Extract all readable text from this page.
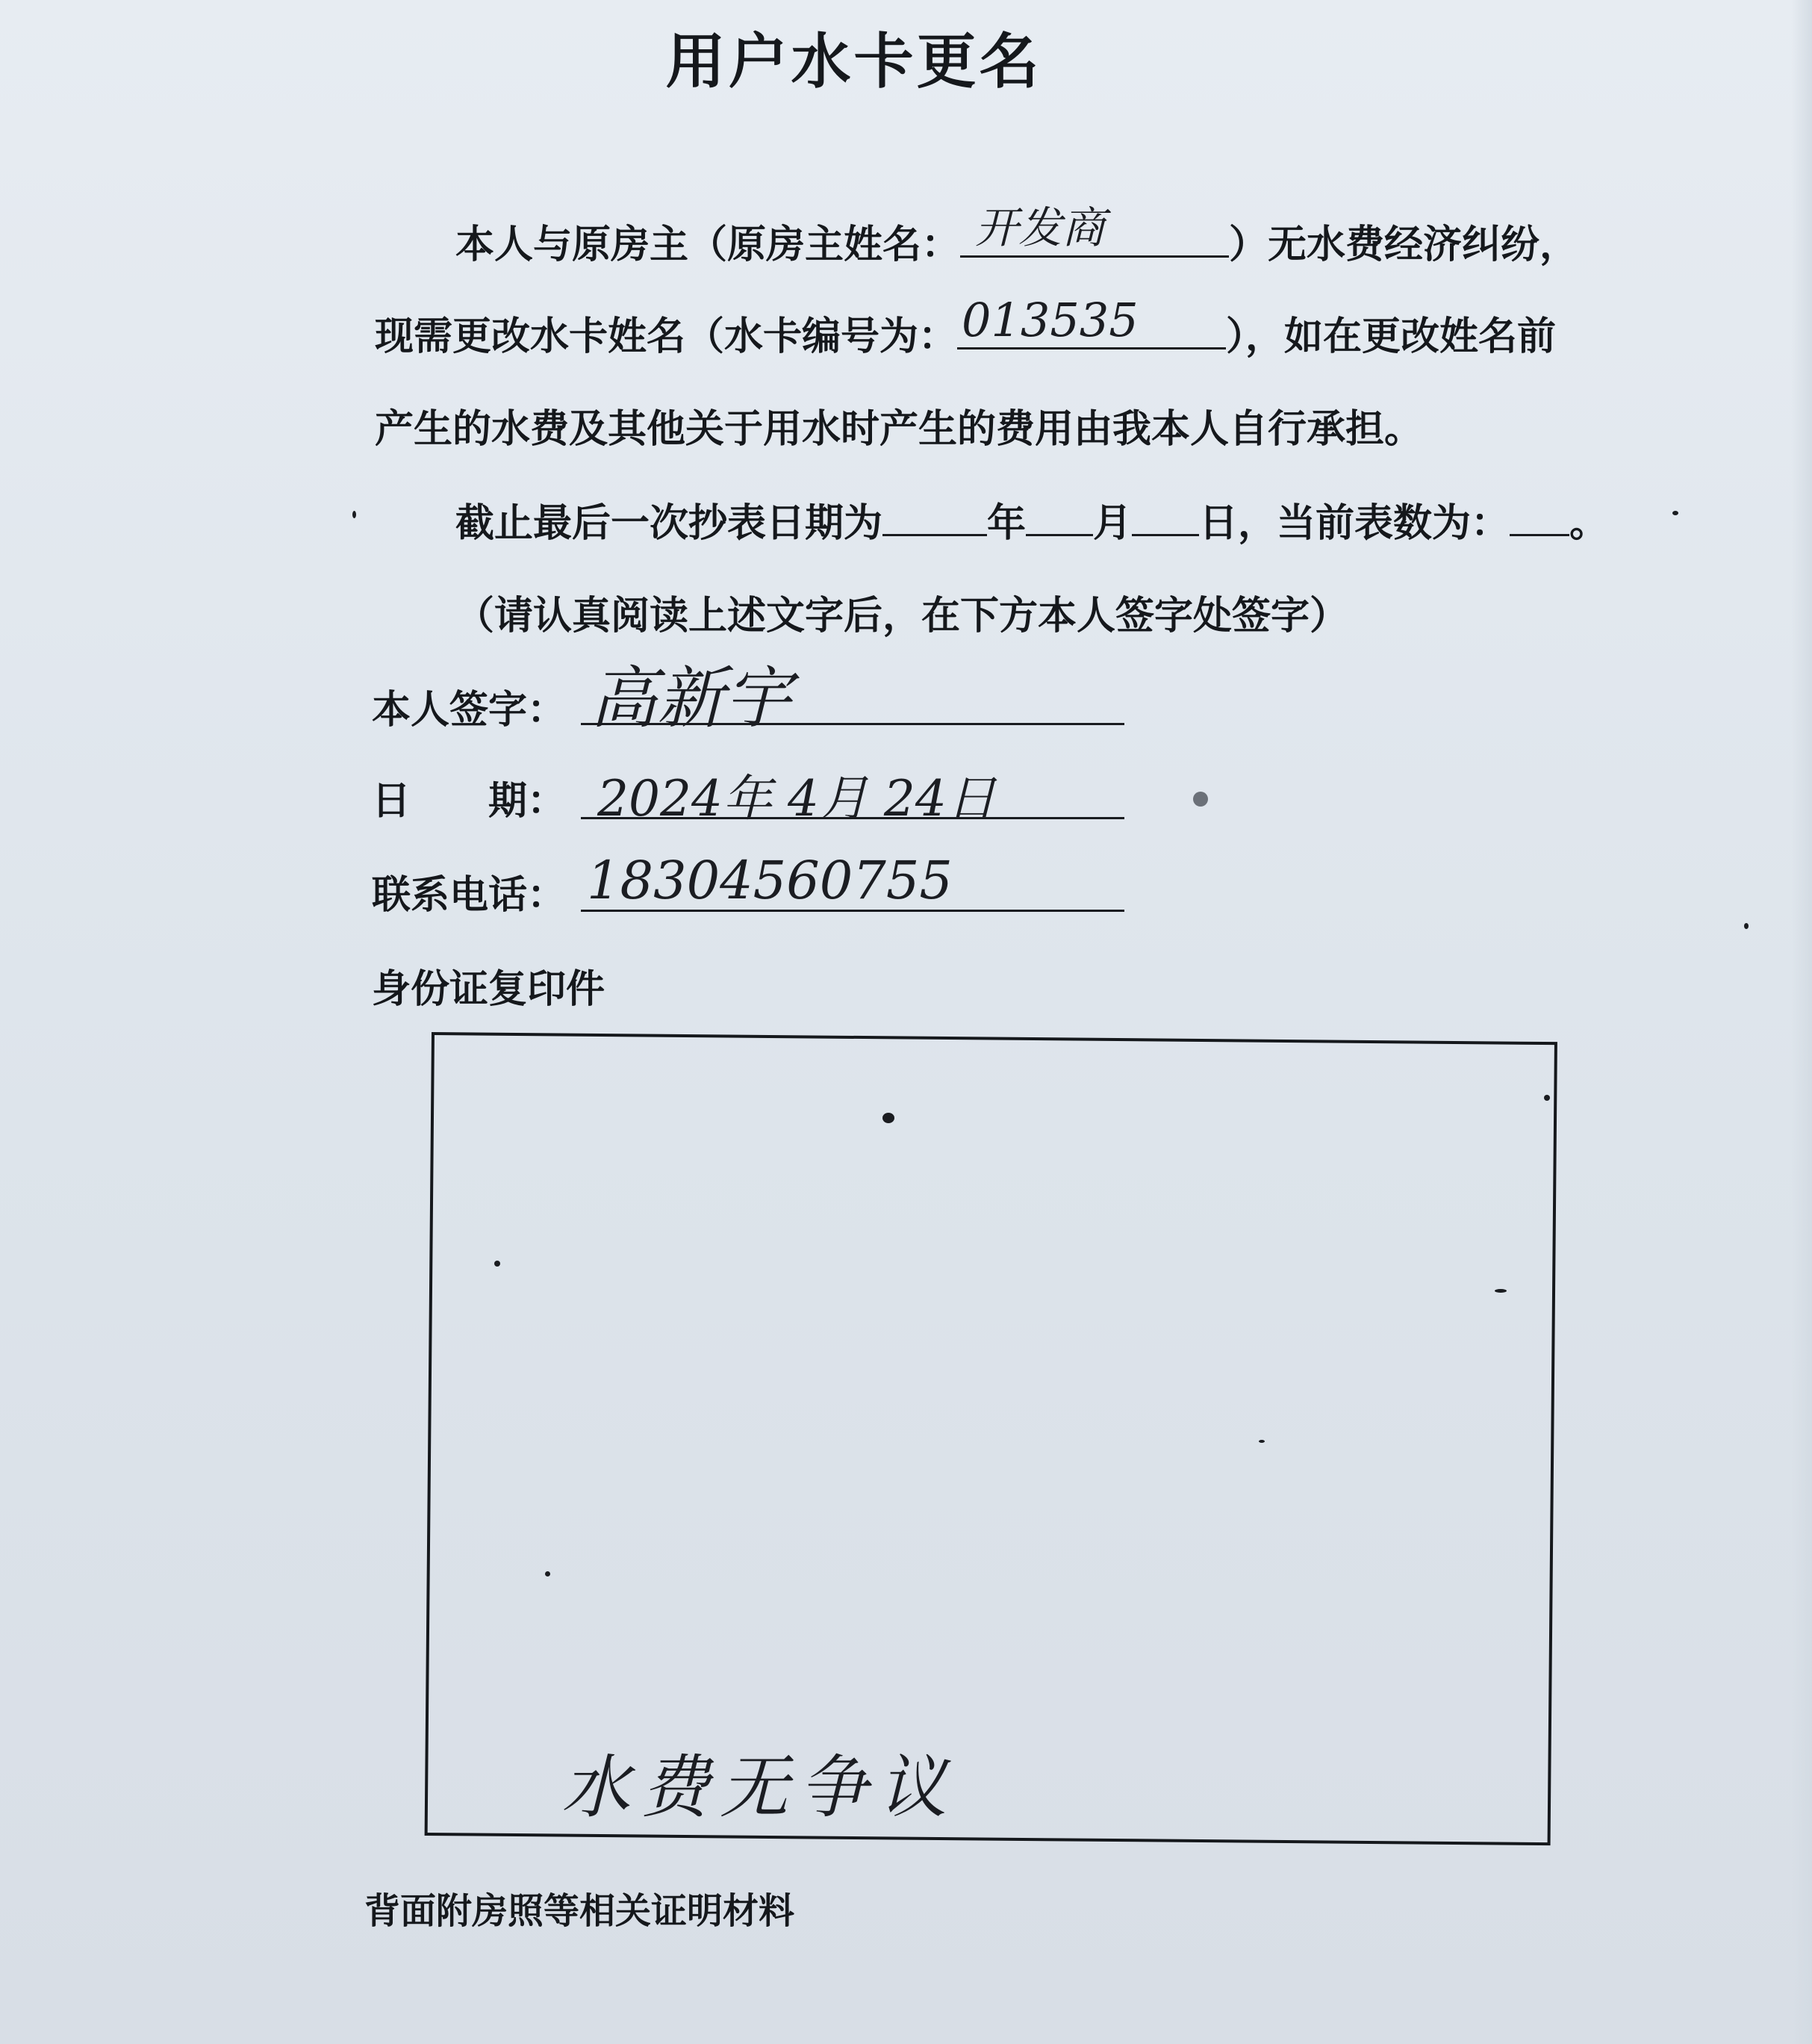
用户水卡更名
本人与原房主（原房主姓名： 开发商	）无水费经济纠纷，
现需更改水卡姓名（水卡编号为： 013535 ），如在更改姓名前
产生的水费及其他关于用水时产生的费用由我本人自行承担。
截止最后一次抄表日期为	年 月 日，当前表数为： 。
（请认真阅读上述文字后，在下方本人签字处签字）
本人签字： 高新宇
日　　期： 2024年 4月 24日
联系电话： 18304560755
身份证复印件
水费无争议
背面附房照等相关证明材料
